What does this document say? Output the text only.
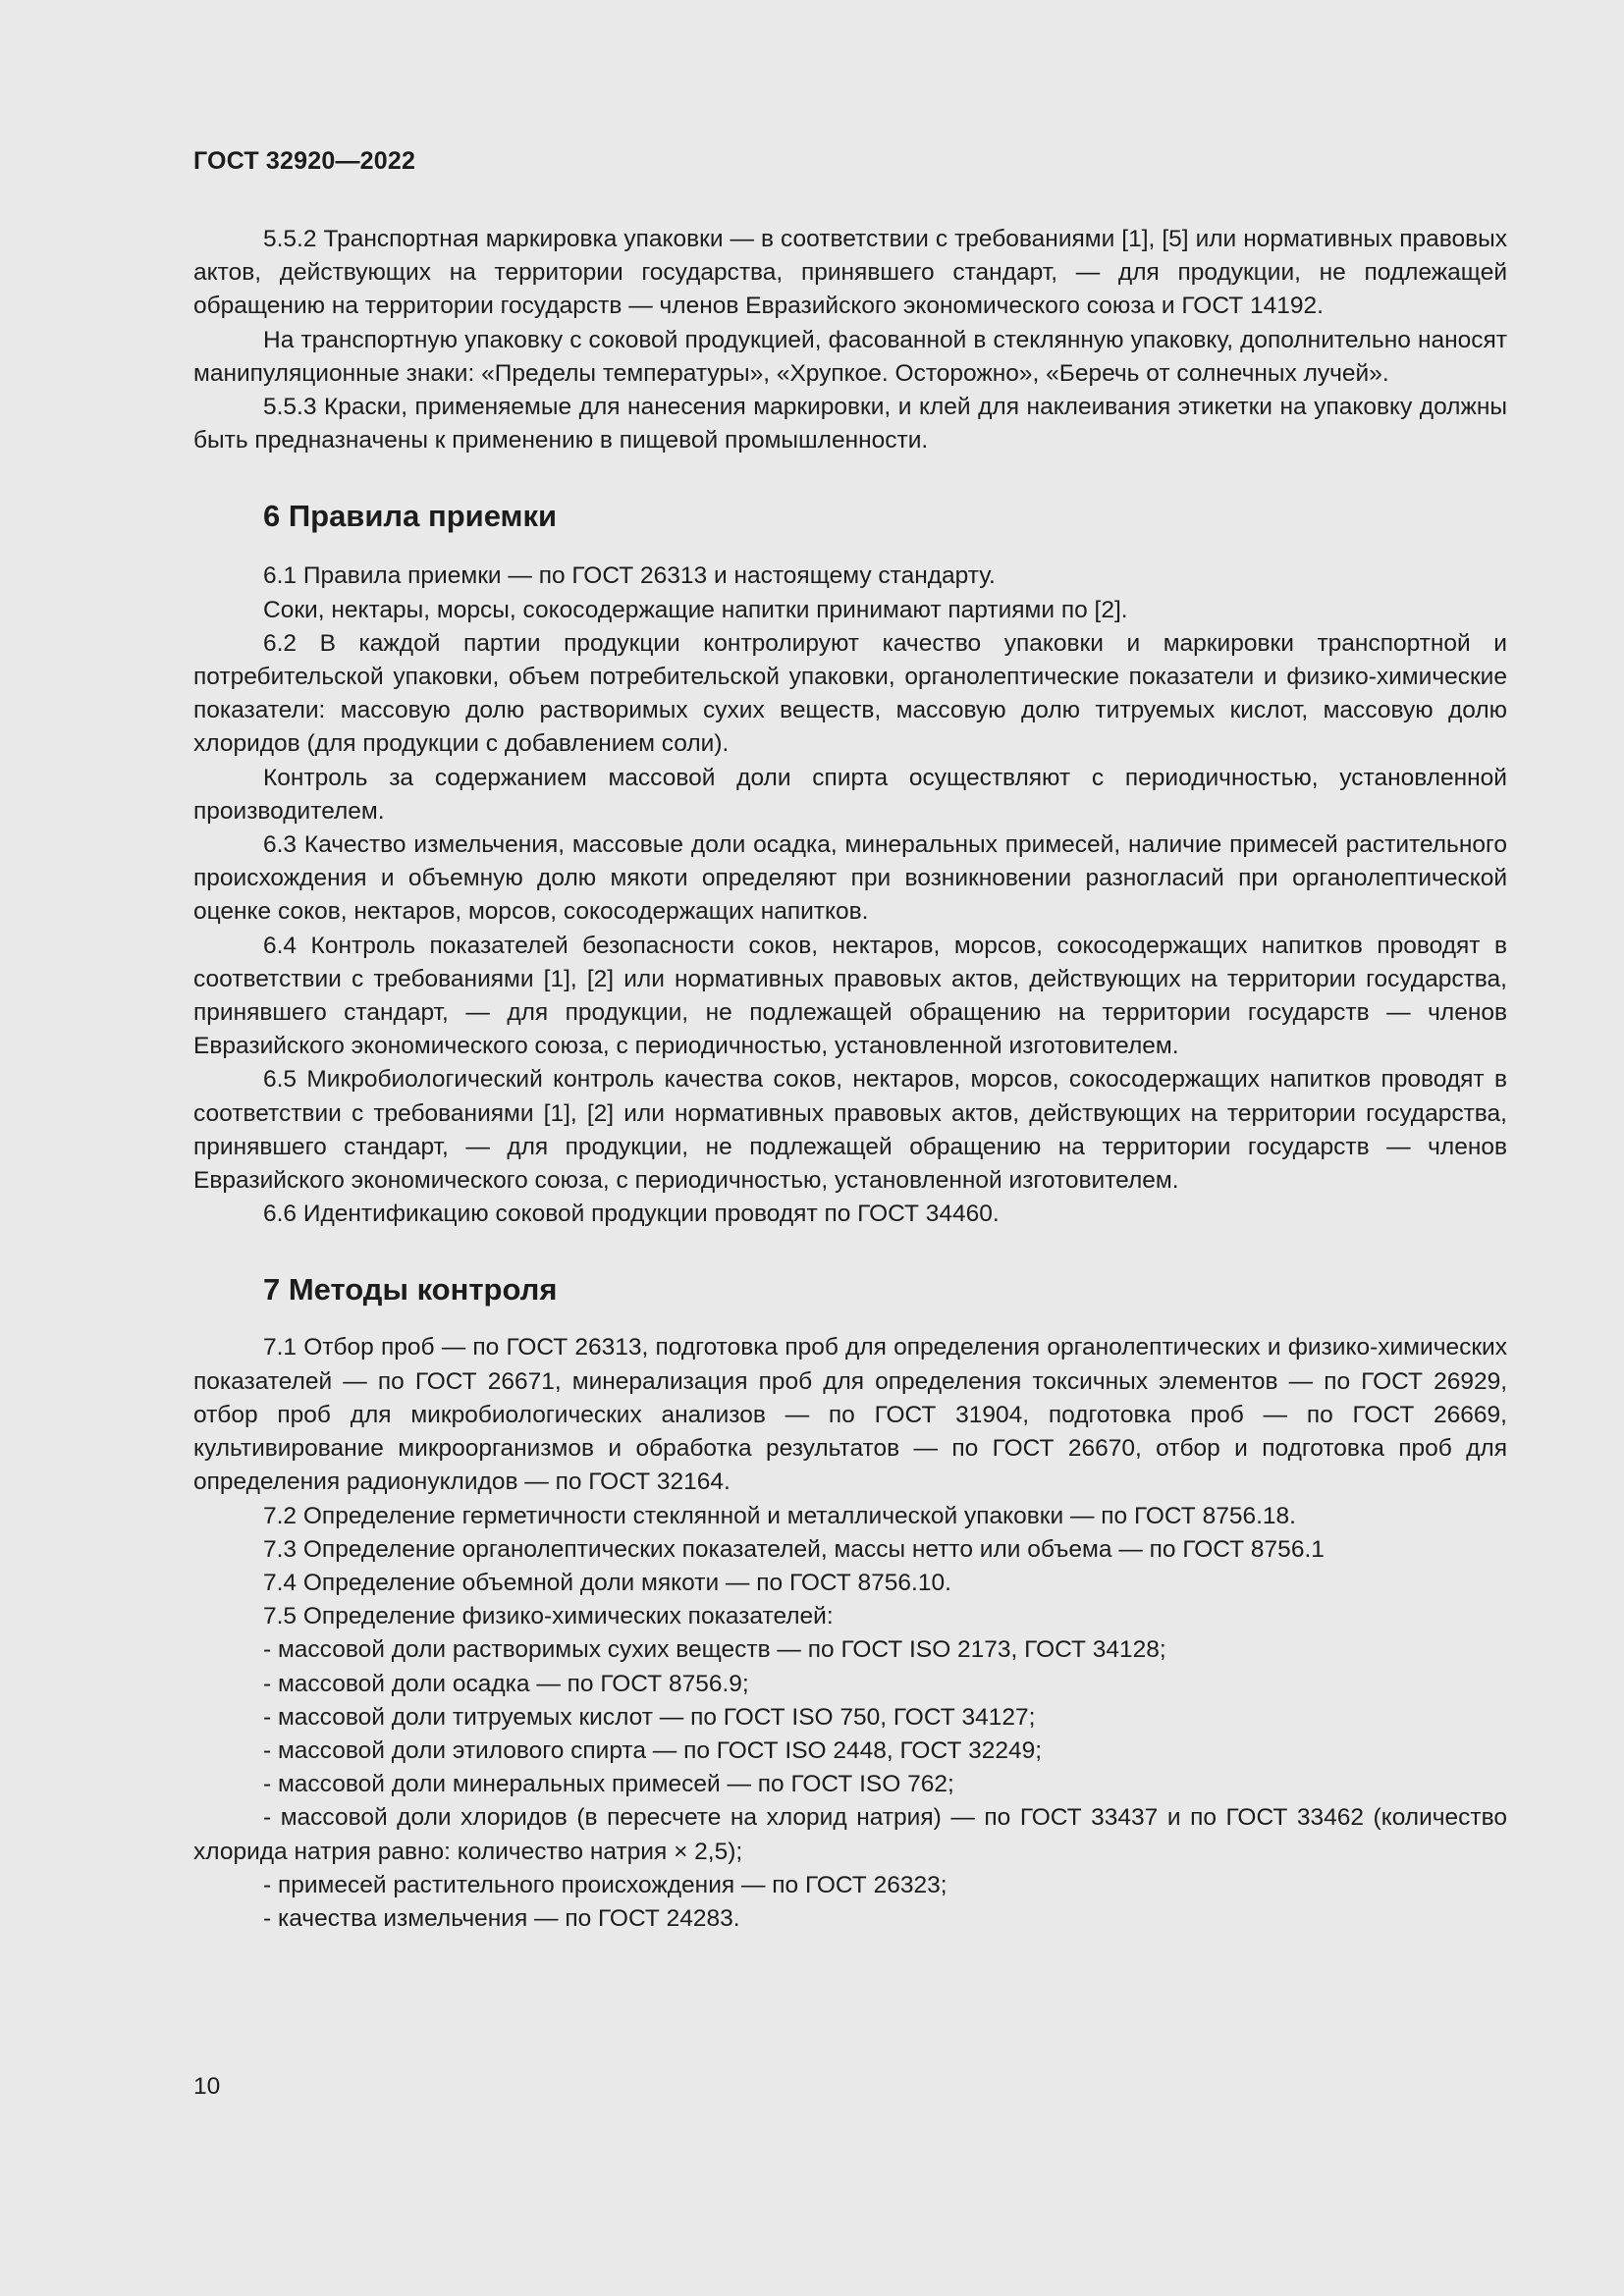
ГОСТ 32920—2022
5.5.2 Транспортная маркировка упаковки — в соответствии с требованиями [1], [5] или нормативных правовых актов, действующих на территории государства, принявшего стандарт, — для продукции, не подлежащей обращению на территории государств — членов Евразийского экономического союза и ГОСТ 14192.
На транспортную упаковку с соковой продукцией, фасованной в стеклянную упаковку, дополнительно наносят манипуляционные знаки: «Пределы температуры», «Хрупкое. Осторожно», «Беречь от солнечных лучей».
5.5.3 Краски, применяемые для нанесения маркировки, и клей для наклеивания этикетки на упаковку должны быть предназначены к применению в пищевой промышленности.
6 Правила приемки
6.1 Правила приемки — по ГОСТ 26313 и настоящему стандарту.
Соки, нектары, морсы, сокосодержащие напитки принимают партиями по [2].
6.2 В каждой партии продукции контролируют качество упаковки и маркировки транспортной и потребительской упаковки, объем потребительской упаковки, органолептические показатели и физико-химические показатели: массовую долю растворимых сухих веществ, массовую долю титруемых кислот, массовую долю хлоридов (для продукции с добавлением соли).
Контроль за содержанием массовой доли спирта осуществляют с периодичностью, установленной производителем.
6.3 Качество измельчения, массовые доли осадка, минеральных примесей, наличие примесей растительного происхождения и объемную долю мякоти определяют при возникновении разногласий при органолептической оценке соков, нектаров, морсов, сокосодержащих напитков.
6.4 Контроль показателей безопасности соков, нектаров, морсов, сокосодержащих напитков проводят в соответствии с требованиями [1], [2] или нормативных правовых актов, действующих на территории государства, принявшего стандарт, — для продукции, не подлежащей обращению на территории государств — членов Евразийского экономического союза, с периодичностью, установленной изготовителем.
6.5 Микробиологический контроль качества соков, нектаров, морсов, сокосодержащих напитков проводят в соответствии с требованиями [1], [2] или нормативных правовых актов, действующих на территории государства, принявшего стандарт, — для продукции, не подлежащей обращению на территории государств — членов Евразийского экономического союза, с периодичностью, установленной изготовителем.
6.6 Идентификацию соковой продукции проводят по ГОСТ 34460.
7 Методы контроля
7.1 Отбор проб — по ГОСТ 26313, подготовка проб для определения органолептических и физико-химических показателей — по ГОСТ 26671, минерализация проб для определения токсичных элементов — по ГОСТ 26929, отбор проб для микробиологических анализов — по ГОСТ 31904, подготовка проб — по ГОСТ 26669, культивирование микроорганизмов и обработка результатов — по ГОСТ 26670, отбор и подготовка проб для определения радионуклидов — по ГОСТ 32164.
7.2 Определение герметичности стеклянной и металлической упаковки — по ГОСТ 8756.18.
7.3 Определение органолептических показателей, массы нетто или объема — по ГОСТ 8756.1
7.4 Определение объемной доли мякоти — по ГОСТ 8756.10.
7.5 Определение физико-химических показателей:
- массовой доли растворимых сухих веществ — по ГОСТ ISO 2173, ГОСТ 34128;
- массовой доли осадка — по ГОСТ 8756.9;
- массовой доли титруемых кислот — по ГОСТ ISO 750, ГОСТ 34127;
- массовой доли этилового спирта — по ГОСТ ISO 2448, ГОСТ 32249;
- массовой доли минеральных примесей — по ГОСТ ISO 762;
- массовой доли хлоридов (в пересчете на хлорид натрия) — по ГОСТ 33437 и по ГОСТ 33462 (количество хлорида натрия равно: количество натрия × 2,5);
- примесей растительного происхождения — по ГОСТ 26323;
- качества измельчения — по ГОСТ 24283.
10
